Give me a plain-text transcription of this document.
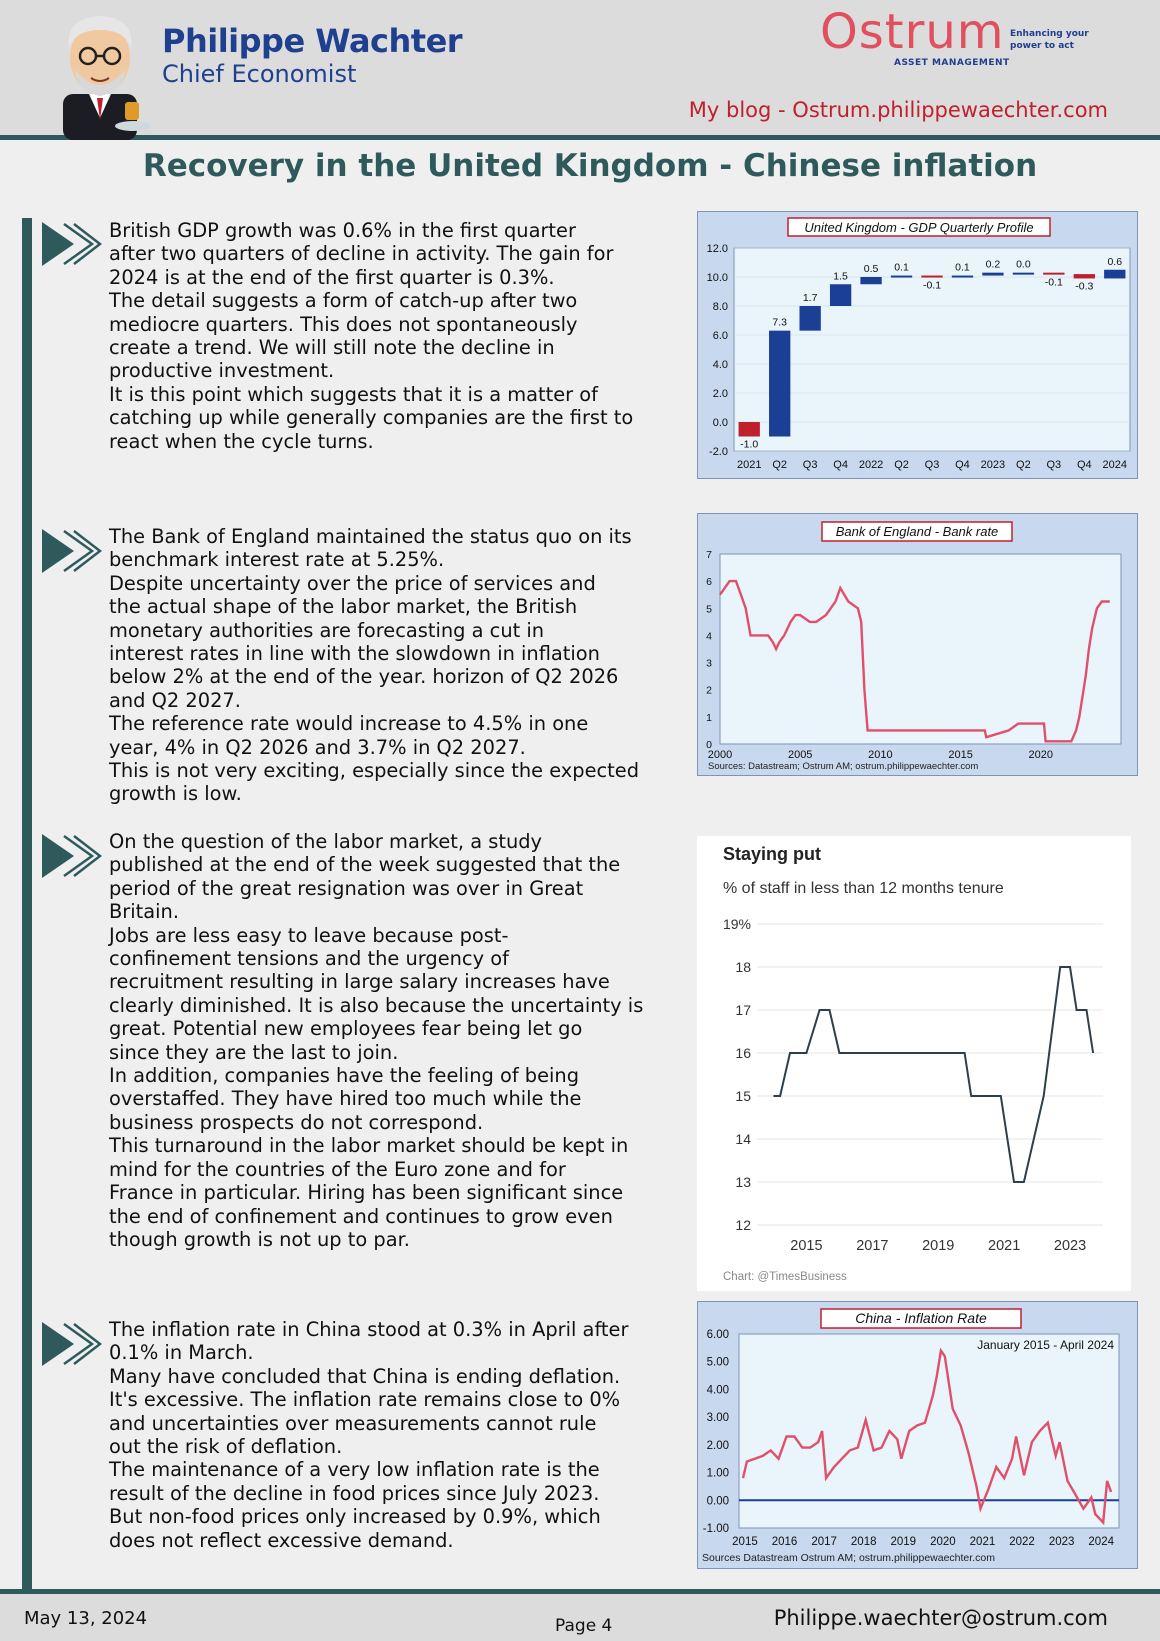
Philippe Wachter
Chief Economist
Ostrum
ASSET MANAGEMENT
Enhancing your power to act
My blog - Ostrum.philippewaechter.com
Recovery in the United Kingdom - Chinese inflation

British GDP growth was 0.6% in the first quarter

after two quarters of decline in activity. The gain for

2024 is at the end of the first quarter is 0.3%.

The detail suggests a form of catch-up after two

mediocre quarters. This does not spontaneously

create a trend. We will still note the decline in

productive investment.

It is this point which suggests that it is a matter of

catching up while generally companies are the first to

react when the cycle turns.

The Bank of England maintained the status quo on its

benchmark interest rate at 5.25%.

Despite uncertainty over the price of services and

the actual shape of the labor market, the British

monetary authorities are forecasting a cut in

interest rates in line with the slowdown in inflation

below 2% at the end of the year. horizon of Q2 2026

and Q2 2027.

The reference rate would increase to 4.5% in one

year, 4% in Q2 2026 and 3.7% in Q2 2027.

This is not very exciting, especially since the expected

growth is low.

On the question of the labor market, a study

published at the end of the week suggested that the

period of the great resignation was over in Great

Britain.

Jobs are less easy to leave because post-

confinement tensions and the urgency of

recruitment resulting in large salary increases have

clearly diminished. It is also because the uncertainty is

great. Potential new employees fear being let go

since they are the last to join.

In addition, companies have the feeling of being

overstaffed. They have hired too much while the

business prospects do not correspond.

This turnaround in the labor market should be kept in

mind for the countries of the Euro zone and for

France in particular. Hiring has been significant since

the end of confinement and continues to grow even

though growth is not up to par.

The inflation rate in China stood at 0.3% in April after

0.1% in March.

Many have concluded that China is ending deflation.

It's excessive. The inflation rate remains close to 0%

and uncertainties over measurements cannot rule

out the risk of deflation.

The maintenance of a very low inflation rate is the

result of the decline in food prices since July 2023.

But non-food prices only increased by 0.9%, which

does not reflect excessive demand.

United Kingdom - GDP Quarterly Profile
-2.0
0.0
2.0
4.0
6.0
8.0
10.0
12.0
-1.0
2021
7.3
Q2
1.7
Q3
1.5
Q4
0.5
2022
0.1
Q2
-0.1
Q3
0.1
Q4
0.2
2023
0.0
Q2
-0.1
Q3
-0.3
Q4
0.6
2024
Bank of England - Bank rate
0
1
2
3
4
5
6
7
2000	2005	2010	2015	2020
Sources: Datastream; Ostrum AM; ostrum.philippewaechter.com
Staying put
% of staff in less than 12 months tenure
12
13
14
15
16
17
18
19%
2015 2017 2019 2021 2023
Chart: @TimesBusiness
China - Inflation Rate
January 2015 - April 2024
-1.00
0.00
1.00
2.00
3.00
4.00
5.00
6.00
2015 2016 2017 2018 2019 2020 2021 2022 2023 2024
Sources Datastream Ostrum AM; ostrum.philippewaechter.com
May 13, 2024	Page 4	Philippe.waechter@ostrum.com
